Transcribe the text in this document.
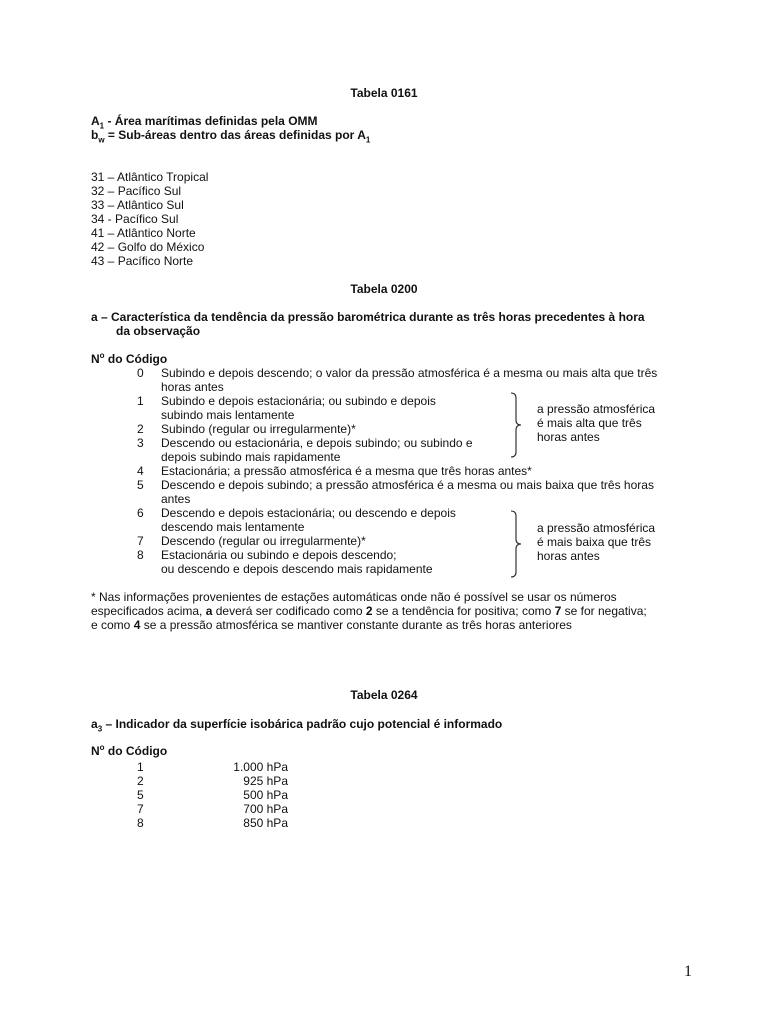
Tabela 0161
$A_1$ - Área marítimas definidas pela OMM
$b_w$ = Sub-áreas dentro das áreas definidas por $A_1$
31 – Atlântico Tropical
32 – Pacífico Sul
33 – Atlântico Sul
34 - Pacífico Sul
41 – Atlântico Norte
42 – Golfo do México
43 – Pacífico Norte
Tabela 0200
a – Característica da tendência da pressão barométrica durante as três horas precedentes à hora
da observação
$N^o$ do Código
0 Subindo e depois descendo; o valor da pressão atmosférica é a mesma ou mais alta que três
horas antes
1 Subindo e depois estacionária; ou subindo e depois
subindo mais lentamente
2 Subindo (regular ou irregularmente)*
3 Descendo ou estacionária, e depois subindo; ou subindo e
depois subindo mais rapidamente
4 Estacionária; a pressão atmosférica é a mesma que três horas antes*
5 Descendo e depois subindo; a pressão atmosférica é a mesma ou mais baixa que três horas
antes
6 Descendo e depois estacionária; ou descendo e depois
descendo mais lentamente
7 Descendo (regular ou irregularmente)*
8 Estacionária ou subindo e depois descendo;
ou descendo e depois descendo mais rapidamente
a pressão atmosférica
é mais alta que três
horas antes
a pressão atmosférica
é mais baixa que três
horas antes
* Nas informações provenientes de estações automáticas onde não é possível se usar os números
especificados acima, a deverá ser codificado como 2 se a tendência for positiva; como 7 se for negativa;
e como 4 se a pressão atmosférica se mantiver constante durante as três horas anteriores
Tabela 0264
$a_3$ – Indicador da superfície isobárica padrão cujo potencial é informado
$N^o$ do Código
1	1.000 hPa
2	925 hPa
5	500 hPa
7	700 hPa
8	850 hPa
1
